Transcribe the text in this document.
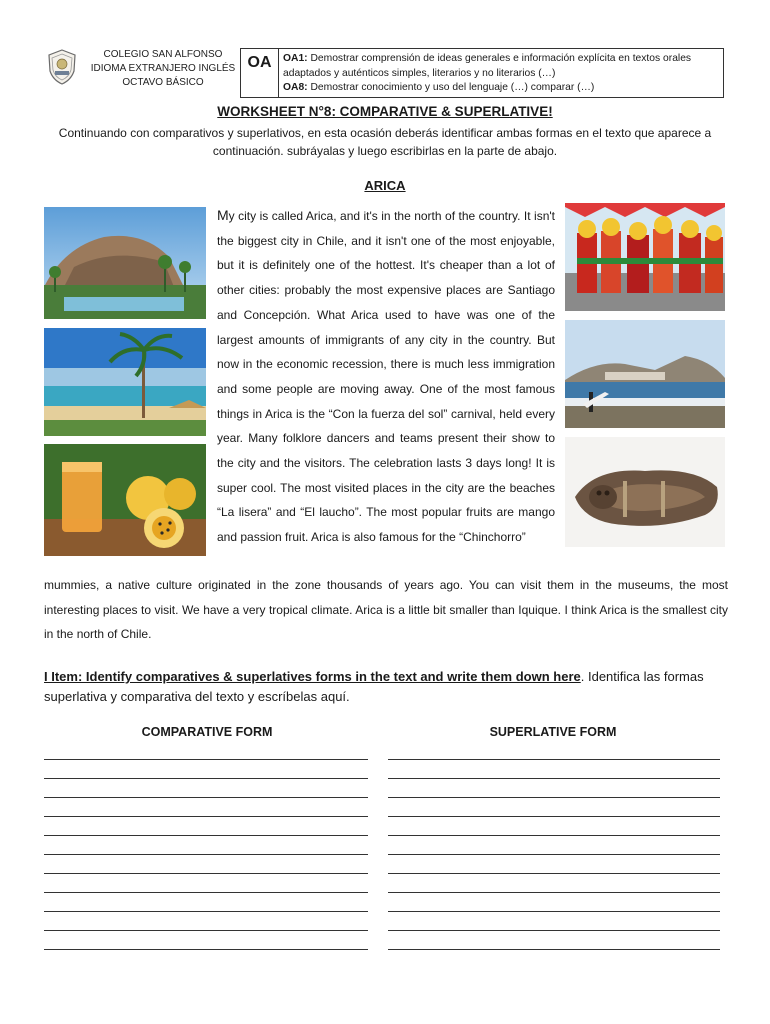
COLEGIO SAN ALFONSO
IDIOMA EXTRANJERO INGLÉS
OCTAVO BÁSICO
OA	OA1: Demostrar comprensión de ideas generales e información explícita en textos orales adaptados y auténticos simples, literarios y no literarios (…)
OA8: Demostrar conocimiento y uso del lenguaje (…) comparar (…)
WORKSHEET N°8: COMPARATIVE & SUPERLATIVE!
Continuando con comparativos y superlativos, en esta ocasión deberás identificar ambas formas en el texto que aparece a continuación. subráyalas y luego escribirlas en la parte de abajo.
ARICA
My city is called Arica, and it's in the north of the country. It isn't the biggest city in Chile, and it isn't one of the most enjoyable, but it is definitely one of the hottest. It's cheaper than a lot of other cities: probably the most expensive places are Santiago and Concepción. What Arica used to have was one of the largest amounts of immigrants of any city in the country. But now in the economic recession, there is much less immigration and some people are moving away. One of the most famous things in Arica is the “Con la fuerza del sol” carnival, held every year. Many folklore dancers and teams present their show to the city and the visitors. The celebration lasts 3 days long! It is super cool. The most visited places in the city are the beaches “La lisera” and “El laucho”. The most popular fruits are mango and passion fruit. Arica is also famous for the “Chinchorro”
mummies, a native culture originated in the zone thousands of years ago. You can visit them in the museums, the most interesting places to visit. We have a very tropical climate. Arica is a little bit smaller than Iquique. I think Arica is the smallest city in the north of Chile.
I Item: Identify comparatives & superlatives forms in the text and write them down here. Identifica las formas superlativa y comparativa del texto y escríbelas aquí.
COMPARATIVE FORM	SUPERLATIVE FORM
